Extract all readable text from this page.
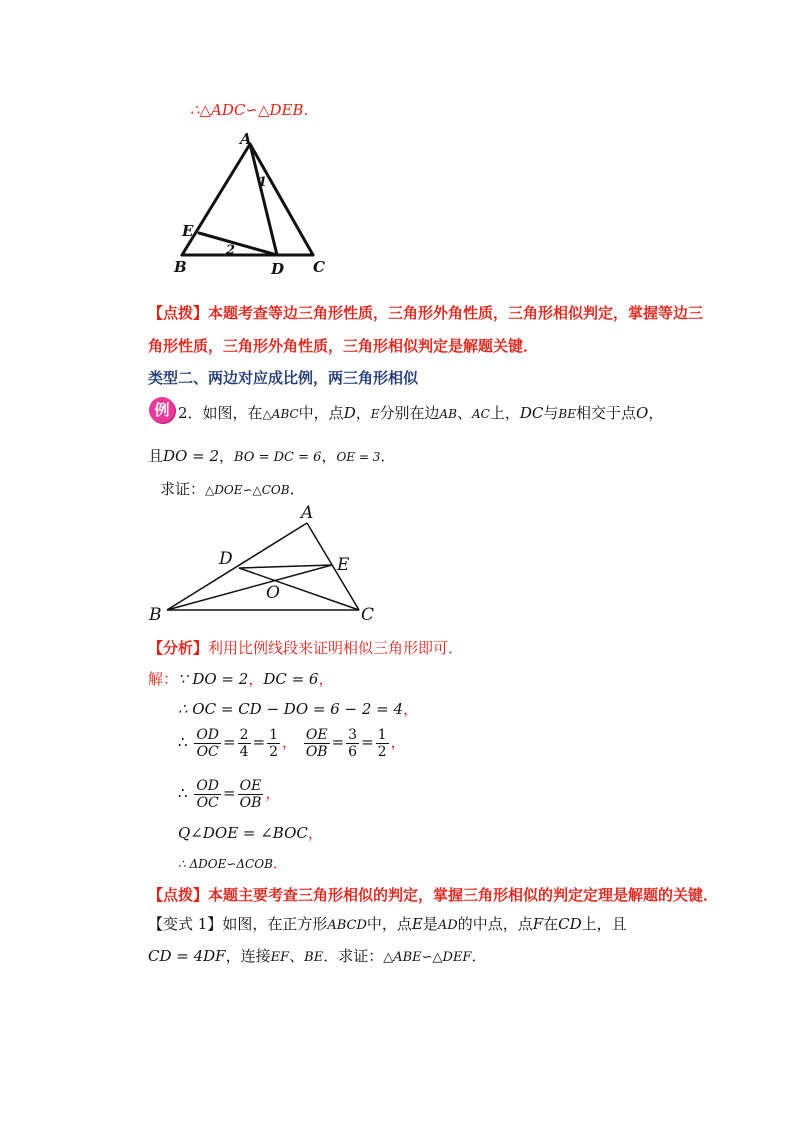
∴△ADC∽△DEB．
A
B	C
D
E
1
2
【点拨】本题考查等边三角形性质，三角形外角性质，三角形相似判定，掌握等边三
角形性质，三角形外角性质，三角形相似判定是解题关键．
类型二、两边对应成比例，两三角形相似
例 2．如图，在△ABC中，点D，E分别在边AB、AC上，DC与BE相交于点O，
且DO = 2，BO = DC = 6，OE = 3．
求证：△DOE∽△COB．
A
B	C
D	E
O
【分析】利用比例线段来证明相似三角形即可．
解：∵ DO = 2，DC = 6，
∴ OC = CD − DO = 6 − 2 = 4，
∴ $\frac{OD}{OC} = \frac{2}{4} = \frac{1}{2}$ ， $\frac{OE}{OB} = \frac{3}{6} = \frac{1}{2}$ ，
∴ $\frac{OD}{OC} = \frac{OE}{OB}$ ，
Q∠DOE = ∠BOC，
∴ ΔDOE∽ΔCOB．
【点拨】本题主要考查三角形相似的判定，掌握三角形相似的判定定理是解题的关键．
【变式 1】如图，在正方形ABCD中，点E是AD的中点，点F在CD上，且
CD = 4DF，连接EF、BE．求证：△ABE∽△DEF．
